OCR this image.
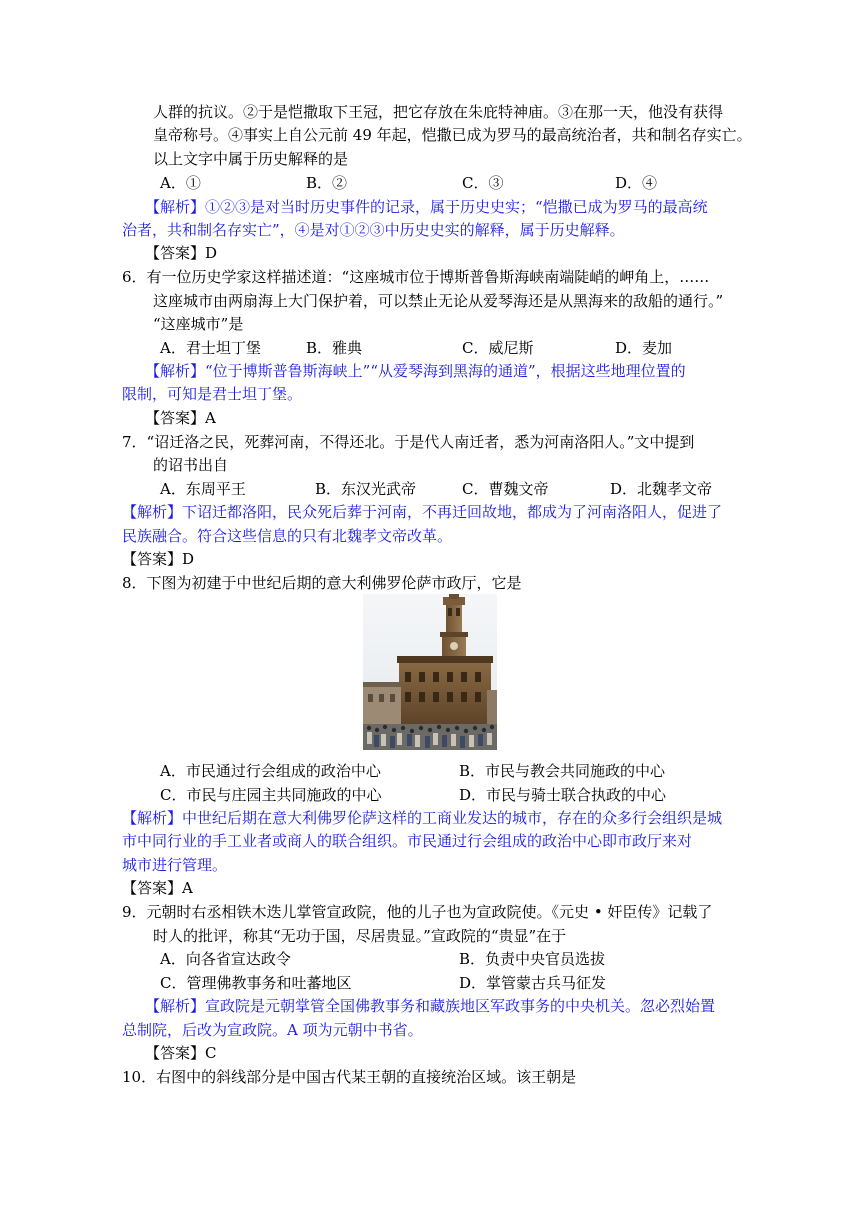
人群的抗议。②于是恺撒取下王冠，把它存放在朱庇特神庙。③在那一天，他没有获得
皇帝称号。④事实上自公元前 49 年起，恺撒已成为罗马的最高统治者，共和制名存实亡。
以上文字中属于历史解释的是
A．①	B．②	C．③	D．④
【解析】①②③是对当时历史事件的记录，属于历史史实；“恺撒已成为罗马的最高统
治者，共和制名存实亡”，④是对①②③中历史史实的解释，属于历史解释。
【答案】D
6．有一位历史学家这样描述道：“这座城市位于博斯普鲁斯海峡南端陡峭的岬角上，……
这座城市由两扇海上大门保护着，可以禁止无论从爱琴海还是从黑海来的敌船的通行。”
“这座城市”是
A．君士坦丁堡	B．雅典	C．威尼斯	D．麦加
【解析】“位于博斯普鲁斯海峡上”“从爱琴海到黑海的通道”，根据这些地理位置的
限制，可知是君士坦丁堡。
【答案】A
7．“诏迁洛之民，死葬河南，不得还北。于是代人南迁者，悉为河南洛阳人。”文中提到
的诏书出自
A．东周平王	B．东汉光武帝	C．曹魏文帝	D．北魏孝文帝
【解析】下诏迁都洛阳，民众死后葬于河南，不再迁回故地，都成为了河南洛阳人，促进了
民族融合。符合这些信息的只有北魏孝文帝改革。
【答案】D
8．下图为初建于中世纪后期的意大利佛罗伦萨市政厅，它是
A．市民通过行会组成的政治中心	B．市民与教会共同施政的中心
C．市民与庄园主共同施政的中心	D．市民与骑士联合执政的中心
【解析】中世纪后期在意大利佛罗伦萨这样的工商业发达的城市，存在的众多行会组织是城
市中同行业的手工业者或商人的联合组织。市民通过行会组成的政治中心即市政厅来对
城市进行管理。
【答案】A
9．元朝时右丞相铁木迭儿掌管宣政院，他的儿子也为宣政院使。《元史 • 奸臣传》记载了
时人的批评，称其“无功于国，尽居贵显。”宣政院的“贵显”在于
A．向各省宣达政令	B．负责中央官员选拔
C．管理佛教事务和吐蕃地区	D．掌管蒙古兵马征发
【解析】宣政院是元朝掌管全国佛教事务和藏族地区军政事务的中央机关。忽必烈始置
总制院，后改为宣政院。A 项为元朝中书省。
【答案】C
10．右图中的斜线部分是中国古代某王朝的直接统治区域。该王朝是
